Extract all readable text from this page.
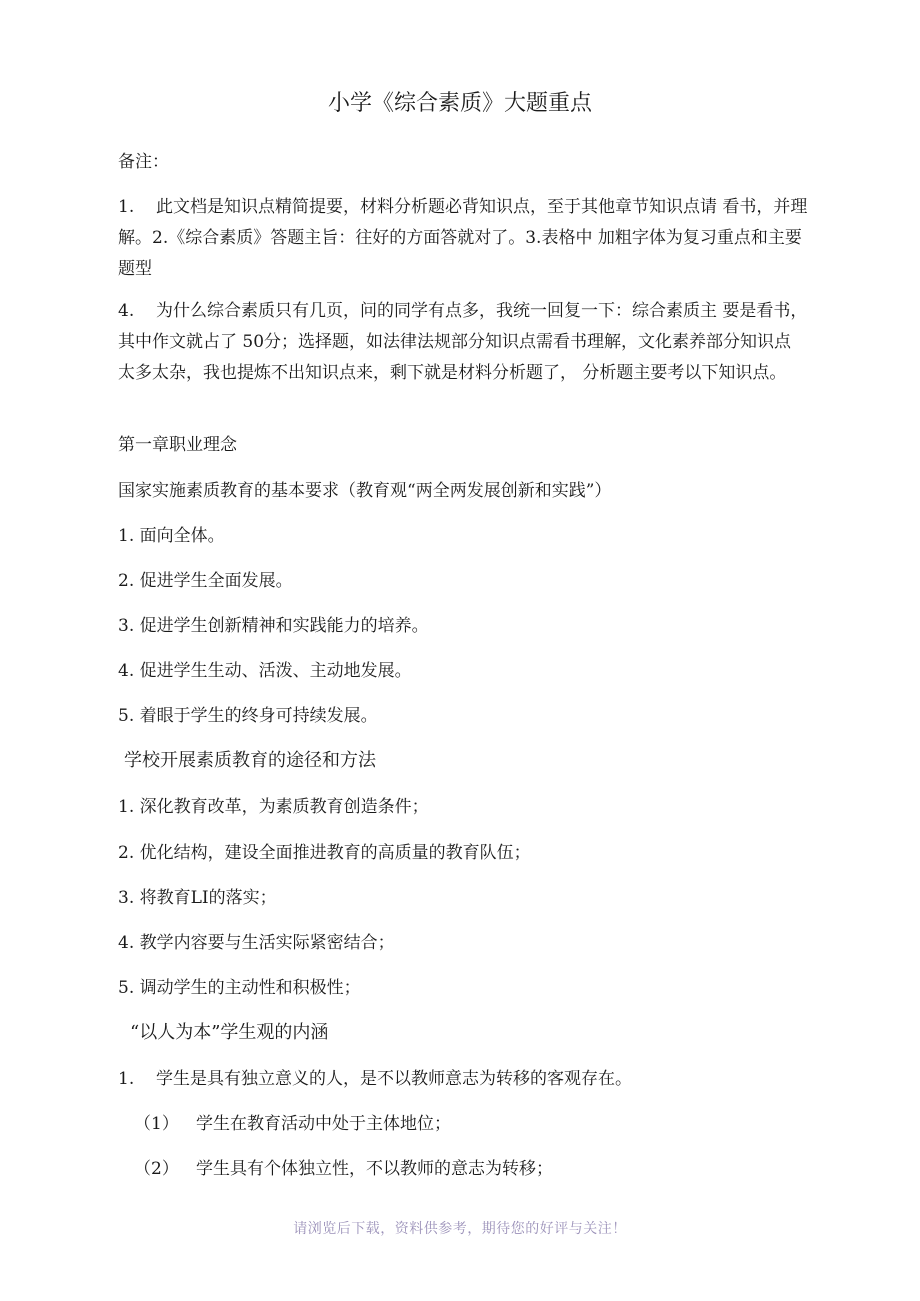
小学《综合素质》大题重点
备注：
1. 此文档是知识点精简提要，材料分析题必背知识点，至于其他章节知识点请 看书，并理解。2.《综合素质》答题主旨：往好的方面答就对了。3.表格中 加粗字体为复习重点和主要题型
4. 为什么综合素质只有几页，问的同学有点多，我统一回复一下：综合素质主 要是看书，其中作文就占了 50分；选择题，如法律法规部分知识点需看书理解，文化素养部分知识点太多太杂，我也提炼不出知识点来，剩下就是材料分析题了， 分析题主要考以下知识点。
第一章职业理念
国家实施素质教育的基本要求（教育观“两全两发展创新和实践”）
1. 面向全体。
2. 促进学生全面发展。
3. 促进学生创新精神和实践能力的培养。
4. 促进学生生动、活泼、主动地发展。
5. 着眼于学生的终身可持续发展。
学校开展素质教育的途径和方法
1. 深化教育改革，为素质教育创造条件；
2. 优化结构，建设全面推进教育的高质量的教育队伍；
3. 将教育LI的落实；
4. 教学内容要与生活实际紧密结合；
5. 调动学生的主动性和积极性；
“以人为本”学生观的内涵
1. 学生是具有独立意义的人，是不以教师意志为转移的客观存在。
（1） 学生在教育活动中处于主体地位；
（2） 学生具有个体独立性，不以教师的意志为转移；
请浏览后下载，资料供参考，期待您的好评与关注！
